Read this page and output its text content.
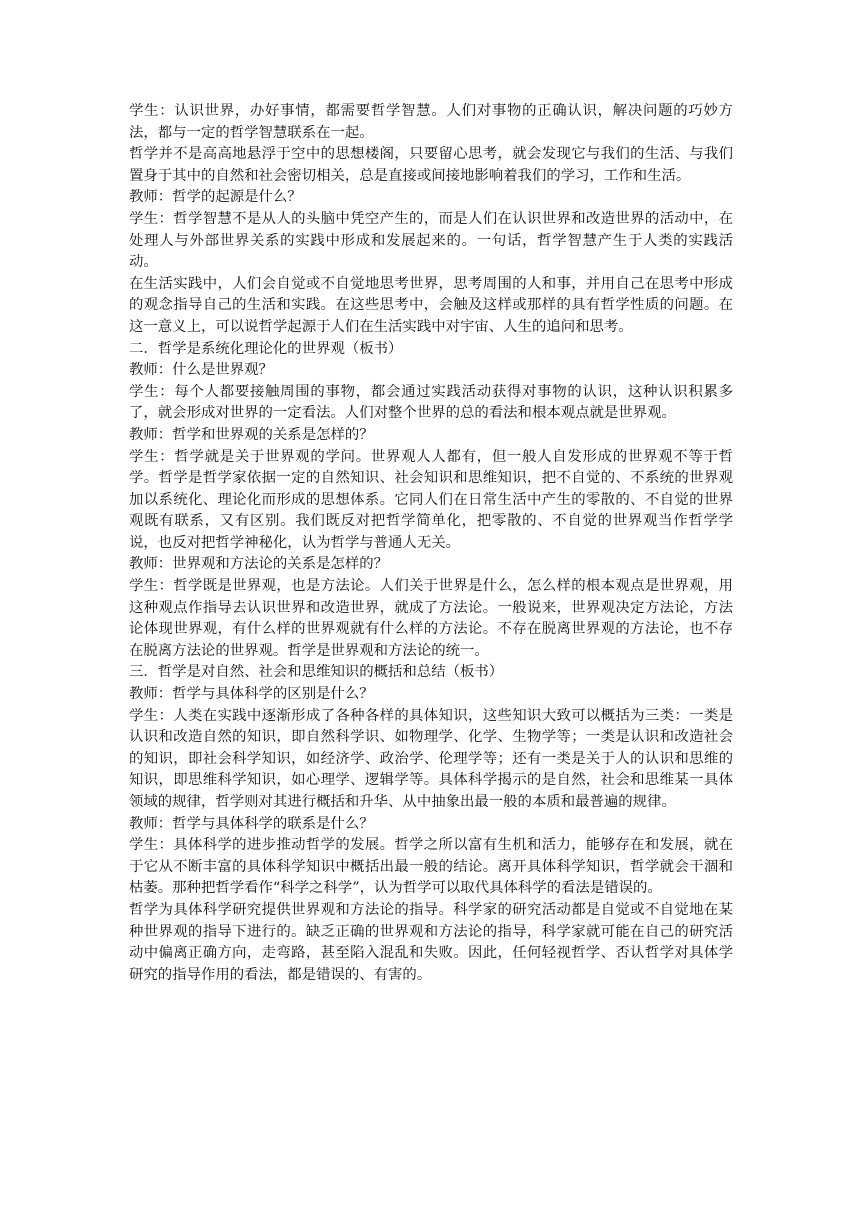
学生：认识世界，办好事情，都需要哲学智慧。人们对事物的正确认识，解决问题的巧妙方法，都与一定的哲学智慧联系在一起。

哲学并不是高高地悬浮于空中的思想楼阁，只要留心思考，就会发现它与我们的生活、与我们置身于其中的自然和社会密切相关，总是直接或间接地影响着我们的学习，工作和生活。

教师：哲学的起源是什么？

学生：哲学智慧不是从人的头脑中凭空产生的，而是人们在认识世界和改造世界的活动中，在处理人与外部世界关系的实践中形成和发展起来的。一句话，哲学智慧产生于人类的实践活动。

在生活实践中，人们会自觉或不自觉地思考世界，思考周围的人和事，并用自己在思考中形成的观念指导自己的生活和实践。在这些思考中，会触及这样或那样的具有哲学性质的问题。在这一意义上，可以说哲学起源于人们在生活实践中对宇宙、人生的追问和思考。

二．哲学是系统化理论化的世界观（板书）

教师：什么是世界观？

学生：每个人都要接触周围的事物，都会通过实践活动获得对事物的认识，这种认识积累多了，就会形成对世界的一定看法。人们对整个世界的总的看法和根本观点就是世界观。

教师：哲学和世界观的关系是怎样的？

学生：哲学就是关于世界观的学问。世界观人人都有，但一般人自发形成的世界观不等于哲学。哲学是哲学家依据一定的自然知识、社会知识和思维知识，把不自觉的、不系统的世界观加以系统化、理论化而形成的思想体系。它同人们在日常生活中产生的零散的、不自觉的世界观既有联系，又有区别。我们既反对把哲学简单化，把零散的、不自觉的世界观当作哲学学说，也反对把哲学神秘化，认为哲学与普通人无关。

教师：世界观和方法论的关系是怎样的？

学生：哲学既是世界观，也是方法论。人们关于世界是什么，怎么样的根本观点是世界观，用这种观点作指导去认识世界和改造世界，就成了方法论。一般说来，世界观决定方法论，方法论体现世界观，有什么样的世界观就有什么样的方法论。不存在脱离世界观的方法论，也不存在脱离方法论的世界观。哲学是世界观和方法论的统一。

三．哲学是对自然、社会和思维知识的概括和总结（板书）

教师：哲学与具体科学的区别是什么？

学生：人类在实践中逐渐形成了各种各样的具体知识，这些知识大致可以概括为三类：一类是认识和改造自然的知识，即自然科学识、如物理学、化学、生物学等；一类是认识和改造社会的知识，即社会科学知识，如经济学、政治学、伦理学等；还有一类是关于人的认识和思维的知识，即思维科学知识，如心理学、逻辑学等。具体科学揭示的是自然，社会和思维某一具体领域的规律，哲学则对其进行概括和升华、从中抽象出最一般的本质和最普遍的规律。

教师：哲学与具体科学的联系是什么？

学生：具体科学的进步推动哲学的发展。哲学之所以富有生机和活力，能够存在和发展，就在于它从不断丰富的具体科学知识中概括出最一般的结论。离开具体科学知识，哲学就会干涸和枯萎。那种把哲学看作“科学之科学”，认为哲学可以取代具体科学的看法是错误的。

哲学为具体科学研究提供世界观和方法论的指导。科学家的研究活动都是自觉或不自觉地在某种世界观的指导下进行的。缺乏正确的世界观和方法论的指导，科学家就可能在自己的研究活动中偏离正确方向，走弯路，甚至陷入混乱和失败。因此，任何轻视哲学、否认哲学对具体学研究的指导作用的看法，都是错误的、有害的。
